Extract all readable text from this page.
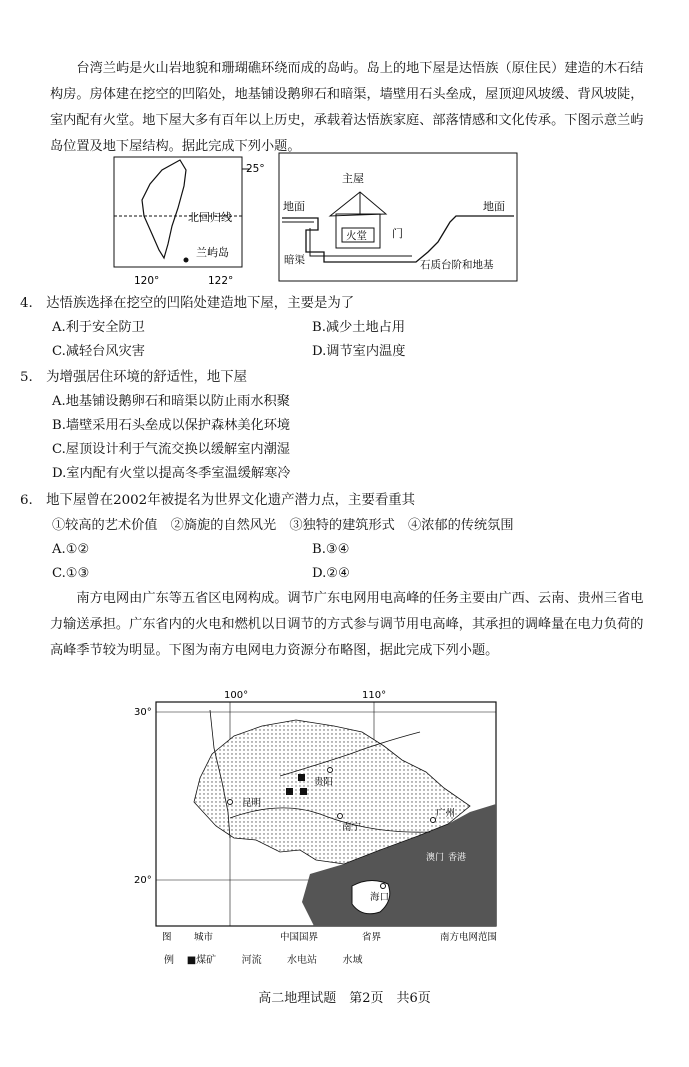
台湾兰屿是火山岩地貌和珊瑚礁环绕而成的岛屿。岛上的地下屋是达悟族（原住民）建造的木石结构房。房体建在挖空的凹陷处，地基铺设鹅卵石和暗渠，墙壁用石头垒成，屋顶迎风坡缓、背风坡陡，室内配有火堂。地下屋大多有百年以上历史，承载着达悟族家庭、部落情感和文化传承。下图示意兰屿岛位置及地下屋结构。据此完成下列小题。
25°
北回归线
兰屿岛
120°	122°
地面	地面
主屋
火堂 门
暗渠	石质台阶和地基
4.　达悟族选择在挖空的凹陷处建造地下屋，主要是为了
A.利于安全防卫	B.减少土地占用
C.减轻台风灾害	D.调节室内温度
5.　为增强居住环境的舒适性，地下屋
A.地基铺设鹅卵石和暗渠以防止雨水积聚
B.墙壁采用石头垒成以保护森林美化环境
C.屋顶设计利于气流交换以缓解室内潮湿
D.室内配有火堂以提高冬季室温缓解寒冷
6.　地下屋曾在2002年被提名为世界文化遗产潜力点，主要看重其
①较高的艺术价值　②旖旎的自然风光　③独特的建筑形式　④浓郁的传统氛围
A.①②	B.③④
C.①③	D.②④
南方电网由广东等五省区电网构成。调节广东电网用电高峰的任务主要由广西、云南、贵州三省电力输送承担。广东省内的火电和燃机以日调节的方式参与调节用电高峰，其承担的调峰量在电力负荷的高峰季节较为明显。下图为南方电网电力资源分布略图，据此完成下列小题。
100°	110°
30°
20°
昆明
贵阳
南宁
广州
澳门 香港
海口
图 城市	中国国界	省界	南方电网范围
例    ■煤矿	河流	水电站	水域
高二地理试题　第2页　共6页
